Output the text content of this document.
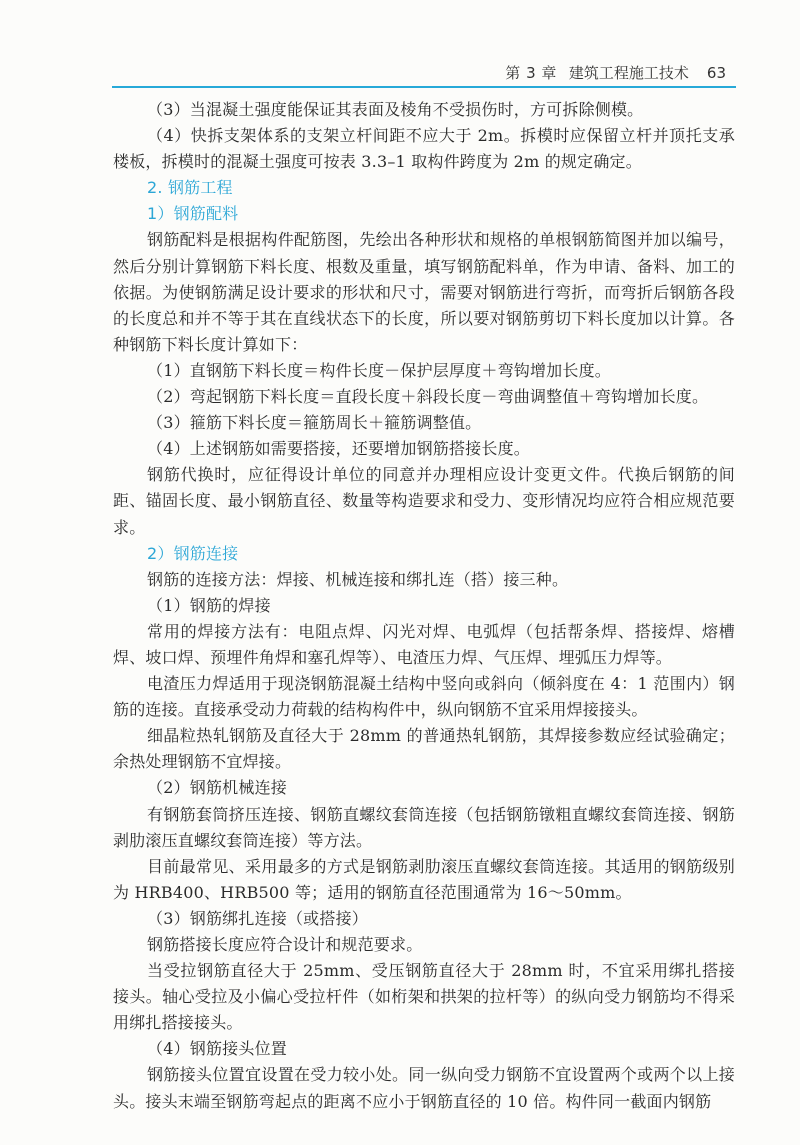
第 3 章 建筑工程施工技术 63

（3）当混凝土强度能保证其表面及棱角不受损伤时，方可拆除侧模。

（4）快拆支架体系的支架立杆间距不应大于 2m。拆模时应保留立杆并顶托支承楼板，拆模时的混凝土强度可按表 3.3–1 取构件跨度为 2m 的规定确定。

2. 钢筋工程

1）钢筋配料

钢筋配料是根据构件配筋图，先绘出各种形状和规格的单根钢筋简图并加以编号，然后分别计算钢筋下料长度、根数及重量，填写钢筋配料单，作为申请、备料、加工的依据。为使钢筋满足设计要求的形状和尺寸，需要对钢筋进行弯折，而弯折后钢筋各段的长度总和并不等于其在直线状态下的长度，所以要对钢筋剪切下料长度加以计算。各种钢筋下料长度计算如下：

（1）直钢筋下料长度＝构件长度－保护层厚度＋弯钩增加长度。

（2）弯起钢筋下料长度＝直段长度＋斜段长度－弯曲调整值＋弯钩增加长度。

（3）箍筋下料长度＝箍筋周长＋箍筋调整值。

（4）上述钢筋如需要搭接，还要增加钢筋搭接长度。

钢筋代换时，应征得设计单位的同意并办理相应设计变更文件。代换后钢筋的间距、锚固长度、最小钢筋直径、数量等构造要求和受力、变形情况均应符合相应规范要求。

2）钢筋连接

钢筋的连接方法：焊接、机械连接和绑扎连（搭）接三种。

（1）钢筋的焊接

常用的焊接方法有：电阻点焊、闪光对焊、电弧焊（包括帮条焊、搭接焊、熔槽焊、坡口焊、预埋件角焊和塞孔焊等）、电渣压力焊、气压焊、埋弧压力焊等。

电渣压力焊适用于现浇钢筋混凝土结构中竖向或斜向（倾斜度在 4：1 范围内）钢筋的连接。直接承受动力荷载的结构构件中，纵向钢筋不宜采用焊接接头。

细晶粒热轧钢筋及直径大于 28mm 的普通热轧钢筋，其焊接参数应经试验确定；余热处理钢筋不宜焊接。

（2）钢筋机械连接

有钢筋套筒挤压连接、钢筋直螺纹套筒连接（包括钢筋镦粗直螺纹套筒连接、钢筋剥肋滚压直螺纹套筒连接）等方法。

目前最常见、采用最多的方式是钢筋剥肋滚压直螺纹套筒连接。其适用的钢筋级别为 HRB400、HRB500 等；适用的钢筋直径范围通常为 16～50mm。

（3）钢筋绑扎连接（或搭接）

钢筋搭接长度应符合设计和规范要求。

当受拉钢筋直径大于 25mm、受压钢筋直径大于 28mm 时，不宜采用绑扎搭接接头。轴心受拉及小偏心受拉杆件（如桁架和拱架的拉杆等）的纵向受力钢筋均不得采用绑扎搭接接头。

（4）钢筋接头位置

钢筋接头位置宜设置在受力较小处。同一纵向受力钢筋不宜设置两个或两个以上接头。接头末端至钢筋弯起点的距离不应小于钢筋直径的 10 倍。构件同一截面内钢筋
